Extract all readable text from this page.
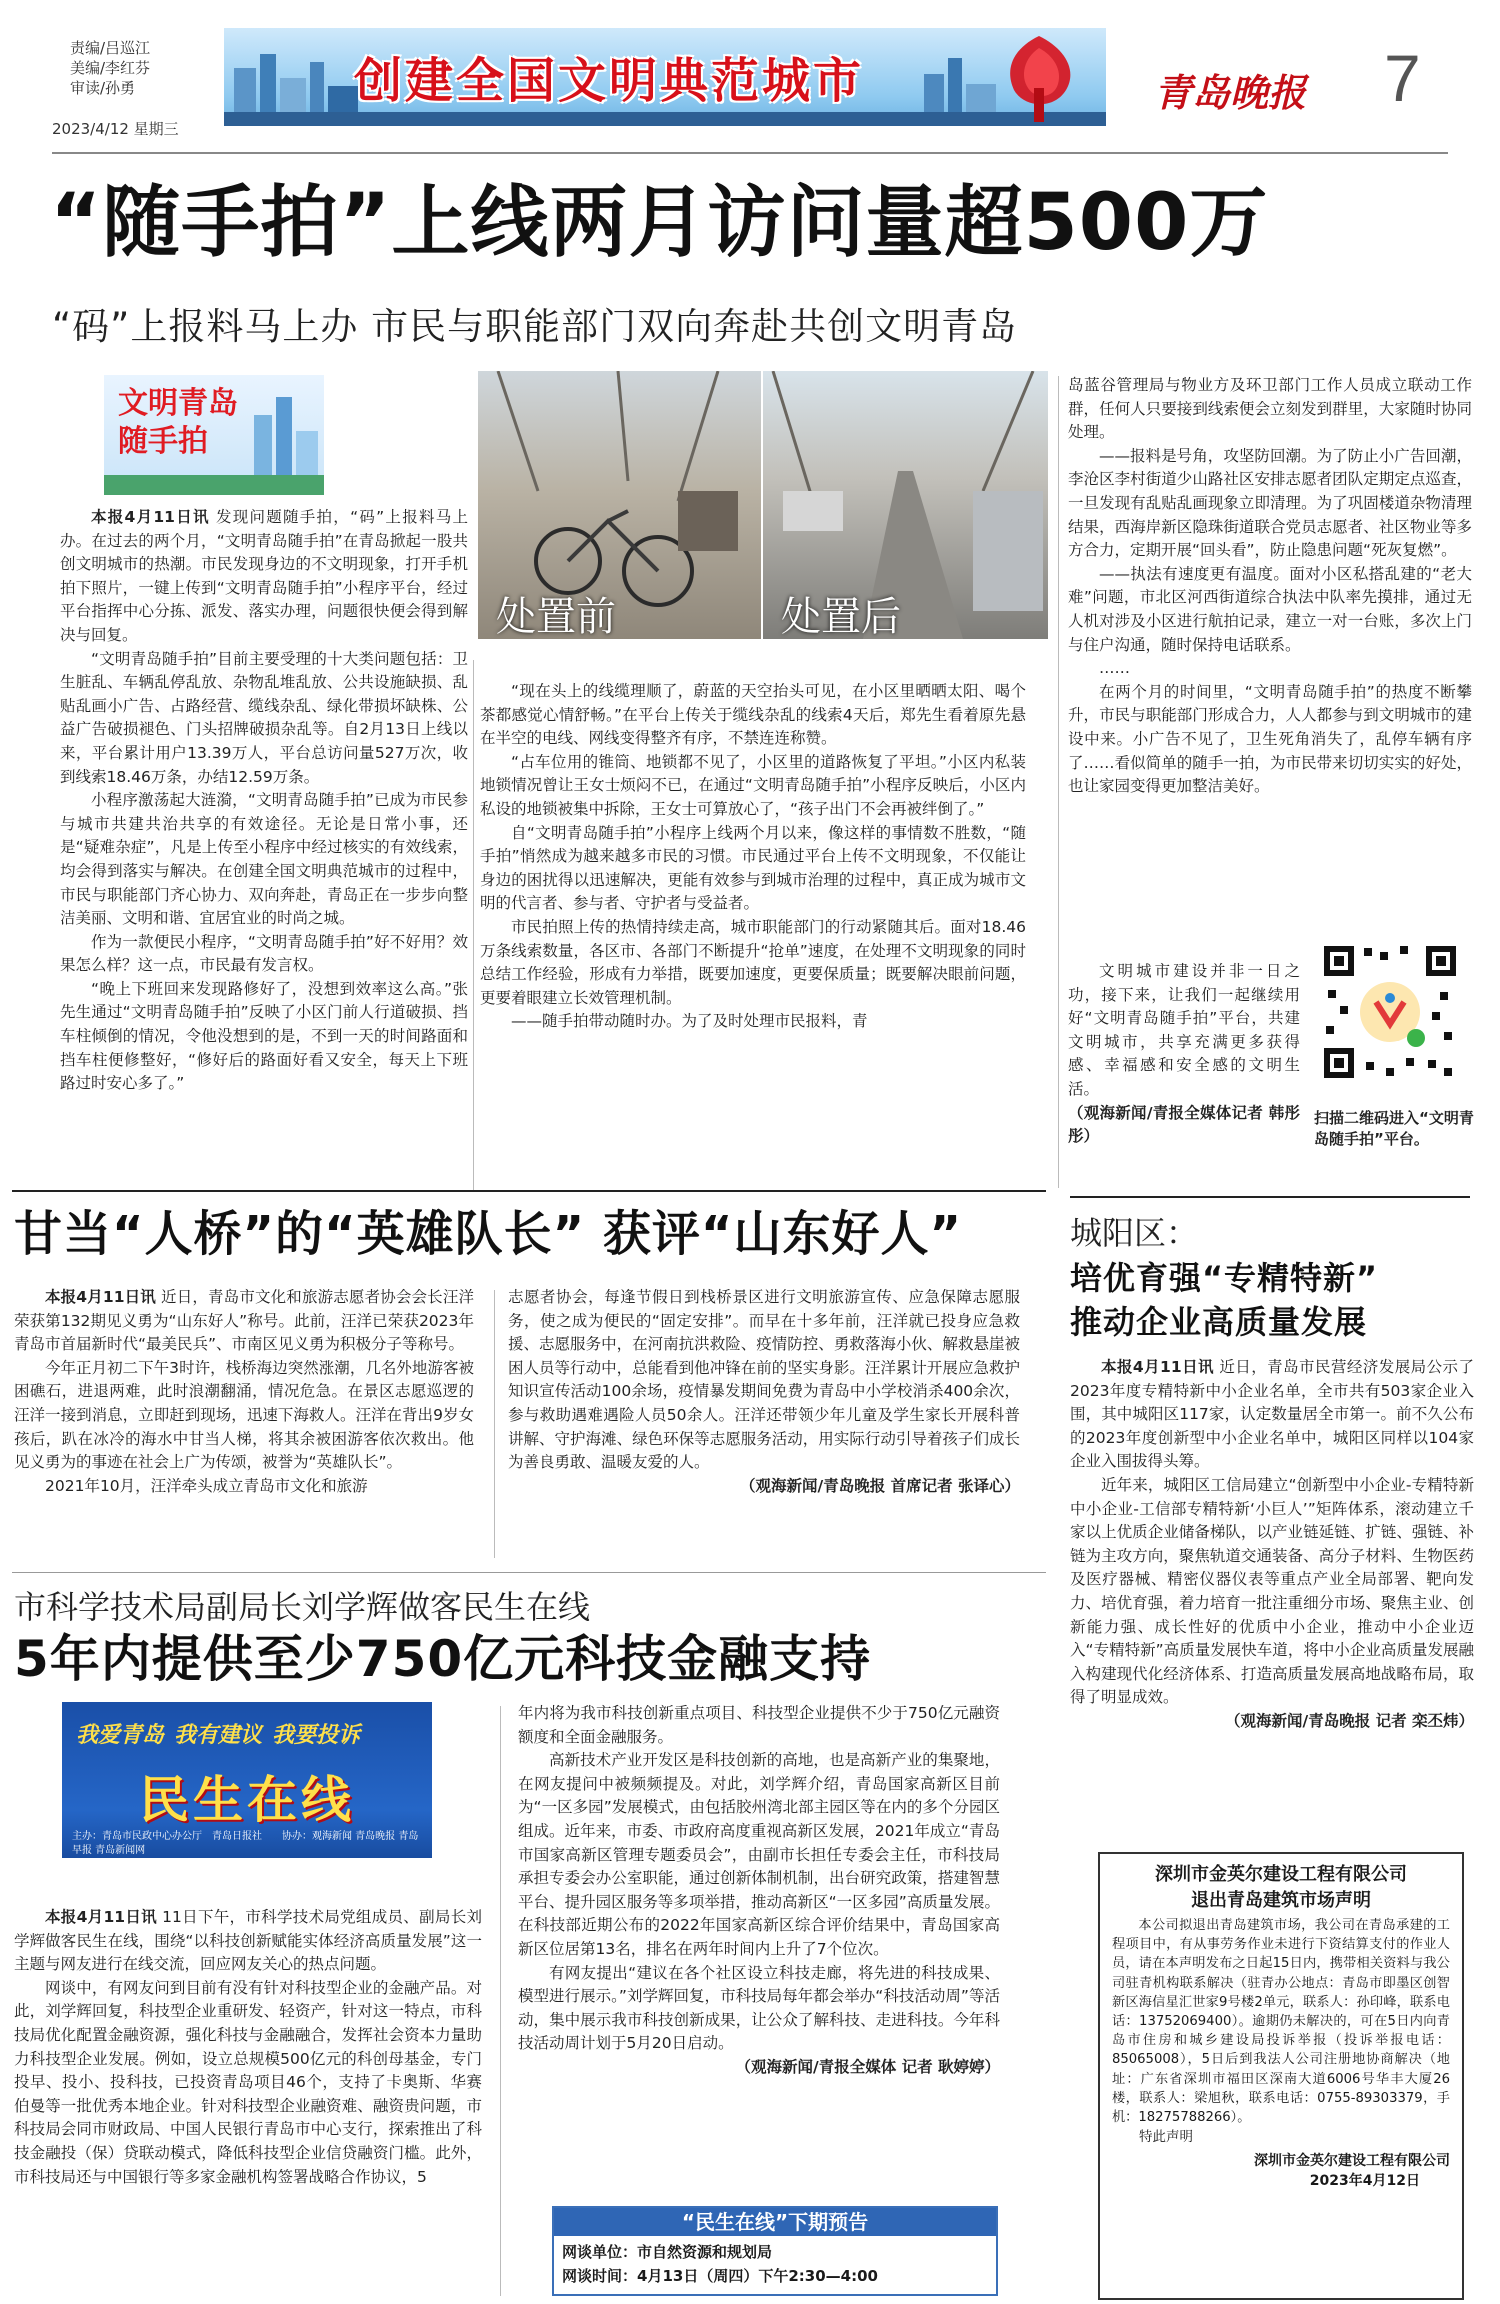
责编/吕巡江
美编/李红芬
审读/孙勇
2023/4/12 星期三
创建全国文明典范城市	青岛晚报 7
“随手拍”上线两月访问量超500万
“码”上报料马上办 市民与职能部门双向奔赴共创文明青岛
文明青岛
随手拍
处置前	处置后

本报4月11日讯 发现问题随手拍，“码”上报料马上办。在过去的两个月，“文明青岛随手拍”在青岛掀起一股共创文明城市的热潮。市民发现身边的不文明现象，打开手机拍下照片，一键上传到“文明青岛随手拍”小程序平台，经过平台指挥中心分拣、派发、落实办理，问题很快便会得到解决与回复。

“文明青岛随手拍”目前主要受理的十大类问题包括：卫生脏乱、车辆乱停乱放、杂物乱堆乱放、公共设施缺损、乱贴乱画小广告、占路经营、缆线杂乱、绿化带损坏缺株、公益广告破损褪色、门头招牌破损杂乱等。自2月13日上线以来，平台累计用户13.39万人，平台总访问量527万次，收到线索18.46万条，办结12.59万条。

小程序激荡起大涟漪，“文明青岛随手拍”已成为市民参与城市共建共治共享的有效途径。无论是日常小事，还是“疑难杂症”，凡是上传至小程序中经过核实的有效线索，均会得到落实与解决。在创建全国文明典范城市的过程中，市民与职能部门齐心协力、双向奔赴，青岛正在一步步向整洁美丽、文明和谐、宜居宜业的时尚之城。

作为一款便民小程序，“文明青岛随手拍”好不好用？效果怎么样？这一点，市民最有发言权。

“晚上下班回来发现路修好了，没想到效率这么高。”张先生通过“文明青岛随手拍”反映了小区门前人行道破损、挡车柱倾倒的情况，令他没想到的是，不到一天的时间路面和挡车柱便修整好，“修好后的路面好看又安全，每天上下班路过时安心多了。”

“现在头上的线缆理顺了，蔚蓝的天空抬头可见，在小区里晒晒太阳、喝个茶都感觉心情舒畅。”在平台上传关于缆线杂乱的线索4天后，郑先生看着原先悬在半空的电线、网线变得整齐有序，不禁连连称赞。

“占车位用的锥筒、地锁都不见了，小区里的道路恢复了平坦。”小区内私装地锁情况曾让王女士烦闷不已，在通过“文明青岛随手拍”小程序反映后，小区内私设的地锁被集中拆除，王女士可算放心了，“孩子出门不会再被绊倒了。”

自“文明青岛随手拍”小程序上线两个月以来，像这样的事情数不胜数，“随手拍”悄然成为越来越多市民的习惯。市民通过平台上传不文明现象，不仅能让身边的困扰得以迅速解决，更能有效参与到城市治理的过程中，真正成为城市文明的代言者、参与者、守护者与受益者。

市民拍照上传的热情持续走高，城市职能部门的行动紧随其后。面对18.46万条线索数量，各区市、各部门不断提升“抢单”速度，在处理不文明现象的同时总结工作经验，形成有力举措，既要加速度，更要保质量；既要解决眼前问题，更要着眼建立长效管理机制。

——随手拍带动随时办。为了及时处理市民报料，青

岛蓝谷管理局与物业方及环卫部门工作人员成立联动工作群，任何人只要接到线索便会立刻发到群里，大家随时协同处理。

——报料是号角，攻坚防回潮。为了防止小广告回潮，李沧区李村街道少山路社区安排志愿者团队定期定点巡查，一旦发现有乱贴乱画现象立即清理。为了巩固楼道杂物清理结果，西海岸新区隐珠街道联合党员志愿者、社区物业等多方合力，定期开展“回头看”，防止隐患问题“死灰复燃”。

——执法有速度更有温度。面对小区私搭乱建的“老大难”问题，市北区河西街道综合执法中队率先摸排，通过无人机对涉及小区进行航拍记录，建立一对一台账，多次上门与住户沟通，随时保持电话联系。

……

在两个月的时间里，“文明青岛随手拍”的热度不断攀升，市民与职能部门形成合力，人人都参与到文明城市的建设中来。小广告不见了，卫生死角消失了，乱停车辆有序了……看似简单的随手一拍，为市民带来切切实实的好处，也让家园变得更加整洁美好。

文明城市建设并非一日之功，接下来，让我们一起继续用好“文明青岛随手拍”平台，共建文明城市，共享充满更多获得感、幸福感和安全感的文明生活。

（观海新闻/青报全媒体记者 韩彤彤）

扫描二维码进入“文明青岛随手拍”平台。
甘当“人桥”的“英雄队长” 获评“山东好人”

本报4月11日讯 近日，青岛市文化和旅游志愿者协会会长汪洋荣获第132期见义勇为“山东好人”称号。此前，汪洋已荣获2023年青岛市首届新时代“最美民兵”、市南区见义勇为积极分子等称号。

今年正月初二下午3时许，栈桥海边突然涨潮，几名外地游客被困礁石，进退两难，此时浪潮翻涌，情况危急。在景区志愿巡逻的汪洋一接到消息，立即赶到现场，迅速下海救人。汪洋在背出9岁女孩后，趴在冰冷的海水中甘当人梯，将其余被困游客依次救出。他见义勇为的事迹在社会上广为传颂，被誉为“英雄队长”。

2021年10月，汪洋牵头成立青岛市文化和旅游

志愿者协会，每逢节假日到栈桥景区进行文明旅游宣传、应急保障志愿服务，使之成为便民的“固定安排”。而早在十多年前，汪洋就已投身应急救援、志愿服务中，在河南抗洪救险、疫情防控、勇救落海小伙、解救悬崖被困人员等行动中，总能看到他冲锋在前的坚实身影。汪洋累计开展应急救护知识宣传活动100余场，疫情暴发期间免费为青岛中小学校消杀400余次，参与救助遇难遇险人员50余人。汪洋还带领少年儿童及学生家长开展科普讲解、守护海滩、绿色环保等志愿服务活动，用实际行动引导着孩子们成长为善良勇敢、温暖友爱的人。

（观海新闻/青岛晚报 首席记者 张译心）

城阳区：
培优育强“专精特新”
推动企业高质量发展

本报4月11日讯 近日，青岛市民营经济发展局公示了2023年度专精特新中小企业名单，全市共有503家企业入围，其中城阳区117家，认定数量居全市第一。前不久公布的2023年度创新型中小企业名单中，城阳区同样以104家企业入围拔得头筹。

近年来，城阳区工信局建立“创新型中小企业-专精特新中小企业-工信部专精特新‘小巨人’”矩阵体系，滚动建立千家以上优质企业储备梯队，以产业链延链、扩链、强链、补链为主攻方向，聚焦轨道交通装备、高分子材料、生物医药及医疗器械、精密仪器仪表等重点产业全局部署、靶向发力、培优育强，着力培育一批注重细分市场、聚焦主业、创新能力强、成长性好的优质中小企业，推动中小企业迈入“专精特新”高质量发展快车道，将中小企业高质量发展融入构建现代化经济体系、打造高质量发展高地战略布局，取得了明显成效。

（观海新闻/青岛晚报 记者 栾丕炜）

深圳市金英尔建设工程有限公司
退出青岛建筑市场声明
本公司拟退出青岛建筑市场，我公司在青岛承建的工程项目中，有从事劳务作业未进行下资结算支付的作业人员，请在本声明发布之日起15日内，携带相关资料与我公司驻青机构联系解决（驻青办公地点：青岛市即墨区创智新区海信星汇世家9号楼2单元，联系人：孙印峰，联系电话：13752069400）。逾期仍未解决的，可在5日内向青岛市住房和城乡建设局投诉举报（投诉举报电话：85065008），5日后到我法人公司注册地协商解决（地址：广东省深圳市福田区深南大道6006号华丰大厦26楼，联系人：梁旭秋，联系电话：0755-89303379，手机：18275788266）。
特此声明
深圳市金英尔建设工程有限公司
2023年4月12日
市科学技术局副局长刘学辉做客民生在线
5年内提供至少750亿元科技金融支持
我爱青岛 我有建议 我要投诉
民生在线
主办：青岛市民政中心办公厅　青岛日报社　　协办：观海新闻 青岛晚报 青岛早报 青岛新闻网

本报4月11日讯 11日下午，市科学技术局党组成员、副局长刘学辉做客民生在线，围绕“以科技创新赋能实体经济高质量发展”这一主题与网友进行在线交流，回应网友关心的热点问题。

网谈中，有网友问到目前有没有针对科技型企业的金融产品。对此，刘学辉回复，科技型企业重研发、轻资产，针对这一特点，市科技局优化配置金融资源，强化科技与金融融合，发挥社会资本力量助力科技型企业发展。例如，设立总规模500亿元的科创母基金，专门投早、投小、投科技，已投资青岛项目46个，支持了卡奥斯、华赛伯曼等一批优秀本地企业。针对科技型企业融资难、融资贵问题，市科技局会同市财政局、中国人民银行青岛市中心支行，探索推出了科技金融投（保）贷联动模式，降低科技型企业信贷融资门槛。此外，市科技局还与中国银行等多家金融机构签署战略合作协议，5

年内将为我市科技创新重点项目、科技型企业提供不少于750亿元融资额度和全面金融服务。

高新技术产业开发区是科技创新的高地，也是高新产业的集聚地，在网友提问中被频频提及。对此，刘学辉介绍，青岛国家高新区目前为“一区多园”发展模式，由包括胶州湾北部主园区等在内的多个分园区组成。近年来，市委、市政府高度重视高新区发展，2021年成立“青岛市国家高新区管理专题委员会”，由副市长担任专委会主任，市科技局承担专委会办公室职能，通过创新体制机制，出台研究政策，搭建智慧平台、提升园区服务等多项举措，推动高新区“一区多园”高质量发展。在科技部近期公布的2022年国家高新区综合评价结果中，青岛国家高新区位居第13名，排名在两年时间内上升了7个位次。

有网友提出“建议在各个社区设立科技走廊，将先进的科技成果、模型进行展示。”刘学辉回复，市科技局每年都会举办“科技活动周”等活动，集中展示我市科技创新成果，让公众了解科技、走进科技。今年科技活动周计划于5月20日启动。

（观海新闻/青报全媒体 记者 耿婷婷）

“民生在线”下期预告
网谈单位：市自然资源和规划局
网谈时间：4月13日（周四）下午2:30—4:00
